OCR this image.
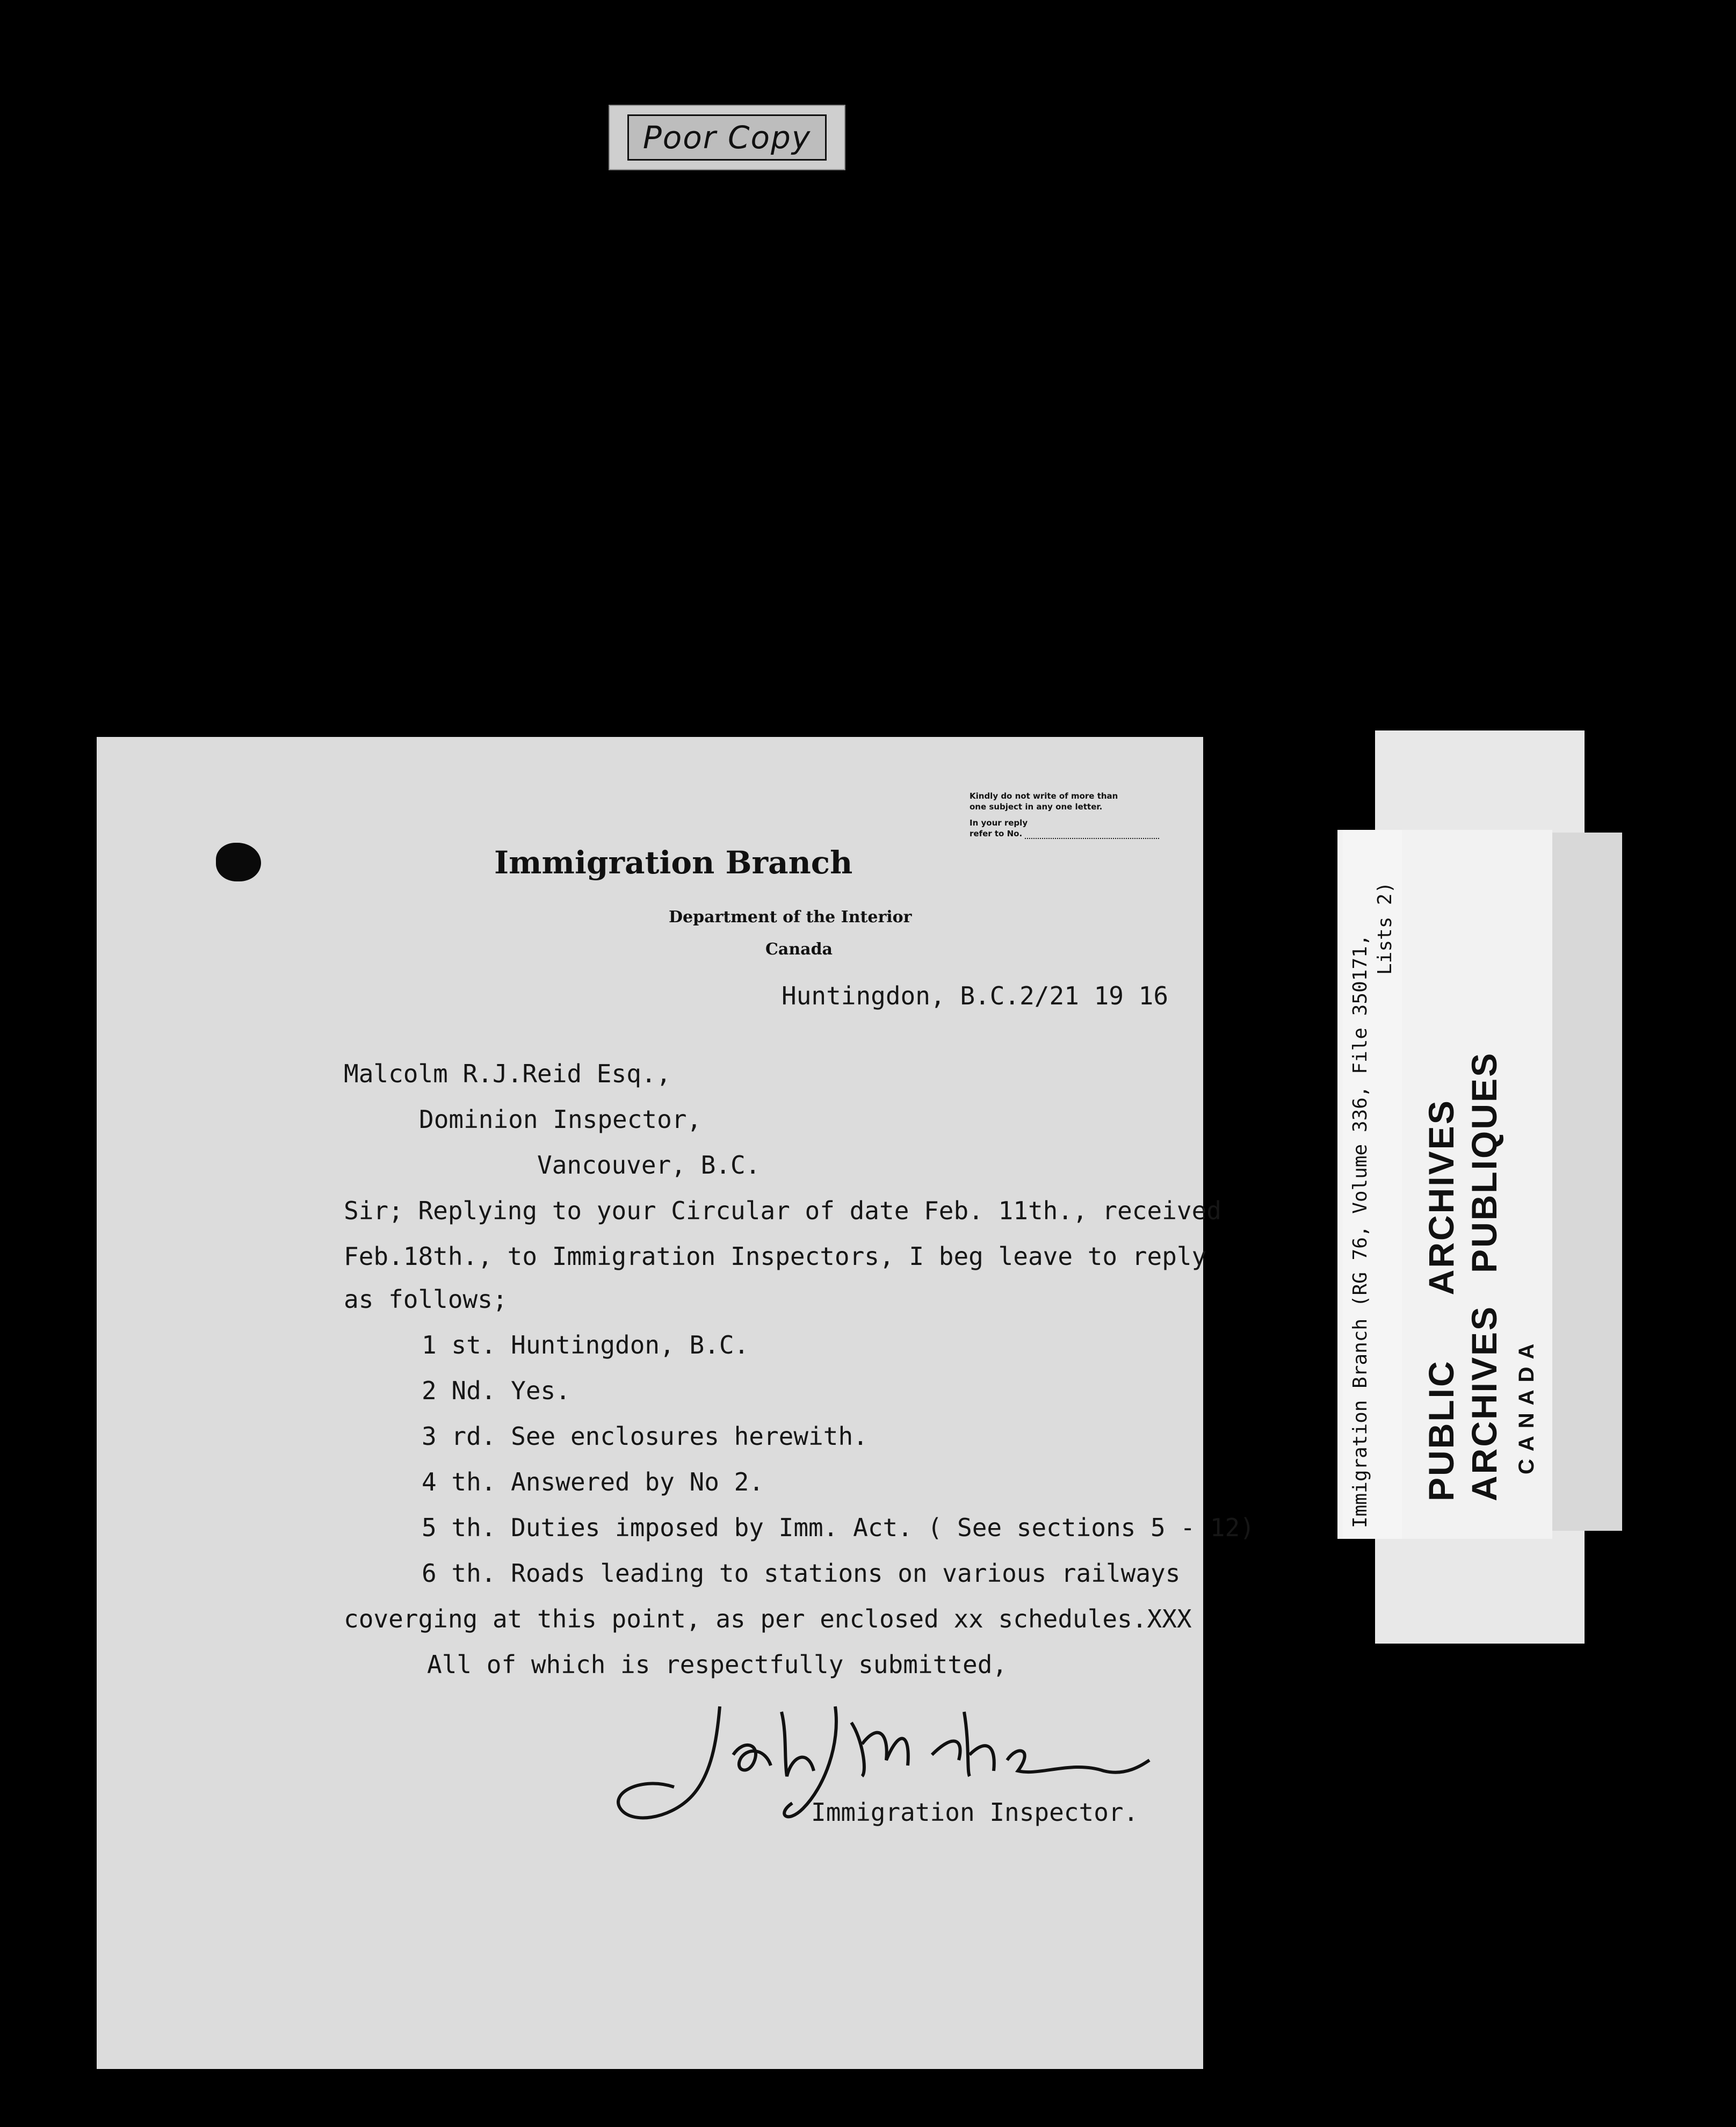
Poor Copy
Kindly do not write of more than
one subject in any one letter.
In your reply
refer to No.
Immigration Branch
Department of the Interior
Canada
Huntingdon, B.C.2/21 19 16
Malcolm R.J.Reid Esq.,
Dominion Inspector,
Vancouver, B.C.
Sir; Replying to your Circular of date Feb. 11th., received
Feb.18th., to Immigration Inspectors, I beg leave to reply
as follows;
1 st. Huntingdon, B.C.
2 Nd. Yes.
3 rd. See enclosures herewith.
4 th. Answered by No 2.
5 th. Duties imposed by Imm. Act. ( See sections 5 - 12)
6 th. Roads leading to stations on various railways
coverging at this point, as per enclosed xx schedules.XXX
All of which is respectfully submitted,
Immigration Inspector.
Immigration Branch (RG 76, Volume 336, File 350171,
Lists 2)
PUBLICARCHIVES
ARCHIVESPUBLIQUES
CANADA
